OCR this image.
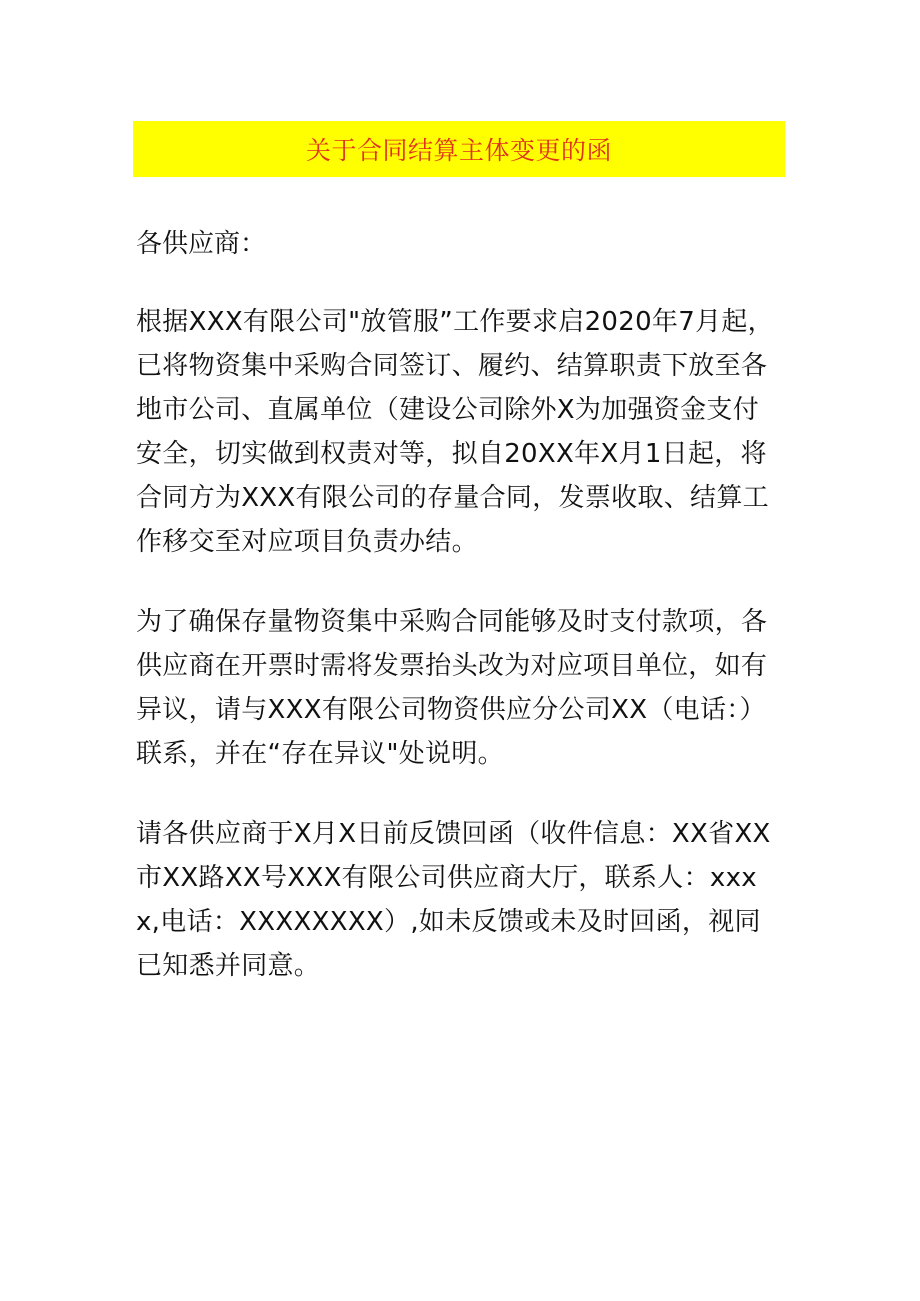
关于合同结算主体变更的函

各供应商：

根据XXX有限公司"放管服”工作要求启2020年7月起，已将物资集中采购合同签订、履约、结算职责下放至各地市公司、直属单位（建设公司除外X为加强资金支付安全，切实做到权责对等，拟自20XX年X月1日起，将合同方为XXX有限公司的存量合同，发票收取、结算工作移交至对应项目负责办结。

为了确保存量物资集中采购合同能够及时支付款项，各供应商在开票时需将发票抬头改为对应项目单位，如有异议，请与XXX有限公司物资供应分公司XX（电话：）联系，并在“存在异议"处说明。

请各供应商于X月X日前反馈回函（收件信息：XX省XX市XX路XX号XXX有限公司供应商大厅，联系人：xxxx,电话：XXXXXXXX）,如未反馈或未及时回函，视同已知悉并同意。
